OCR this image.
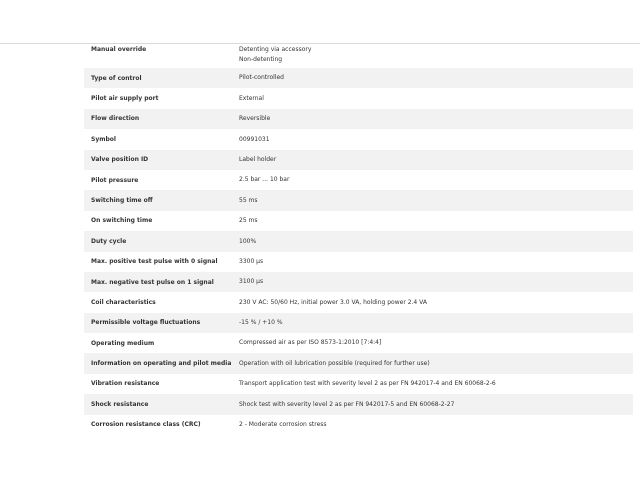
Manual override	Detenting via accessory
Non-detenting
Type of control	Pilot-controlled
Pilot air supply port	External
Flow direction	Reversible
Symbol	00991031
Valve position ID	Label holder
Pilot pressure	2.5 bar ... 10 bar
Switching time off	55 ms
On switching time	25 ms
Duty cycle	100%
Max. positive test pulse with 0 signal	3300 µs
Max. negative test pulse on 1 signal	3100 µs
Coil characteristics	230 V AC: 50/60 Hz, initial power 3.0 VA, holding power 2.4 VA
Permissible voltage fluctuations	-15 % / +10 %
Operating medium	Compressed air as per ISO 8573-1:2010 [7:4:4]
Information on operating and pilot media	Operation with oil lubrication possible (required for further use)
Vibration resistance	Transport application test with severity level 2 as per FN 942017-4 and EN 60068-2-6
Shock resistance	Shock test with severity level 2 as per FN 942017-5 and EN 60068-2-27
Corrosion resistance class (CRC)	2 - Moderate corrosion stress
